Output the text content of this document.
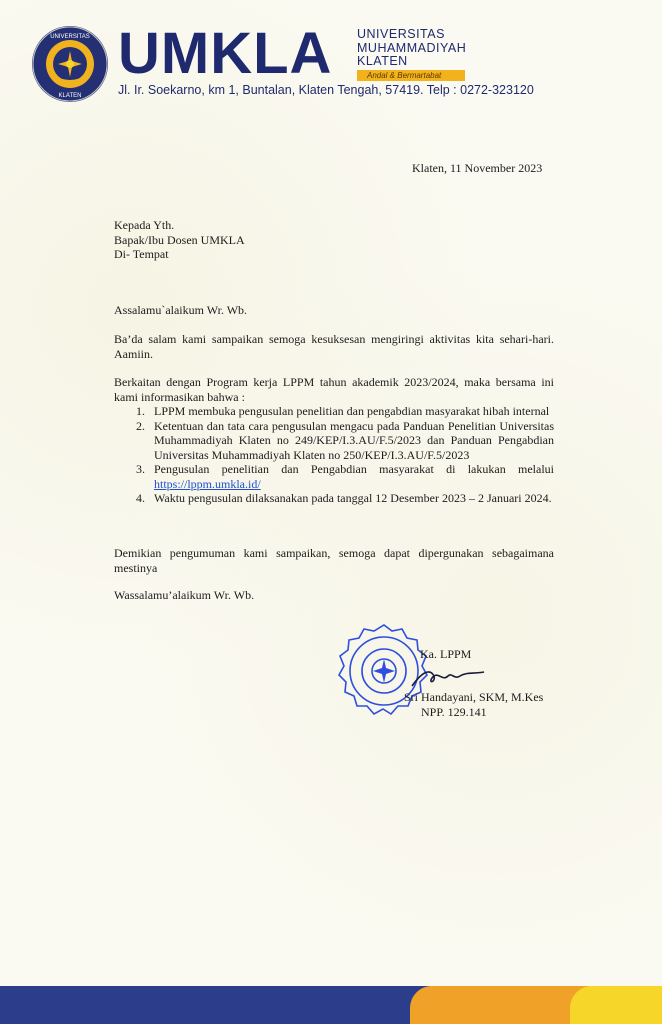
UNIVERSITAS
KLATEN
UMKLA UNIVERSITAS
MUHAMMADIYAH
KLATEN
Andal & Bermartabat
Jl. Ir. Soekarno, km 1, Buntalan, Klaten Tengah, 57419. Telp : 0272-323120
Klaten, 11 November 2023
Kepada Yth.
Bapak/Ibu Dosen UMKLA
Di- Tempat
Assalamu`alaikum Wr. Wb.
Ba’da salam kami sampaikan semoga kesuksesan mengiringi aktivitas kita sehari-hari. Aamiin.
Berkaitan dengan Program kerja LPPM tahun akademik 2023/2024, maka bersama ini kami informasikan bahwa :
1. LPPM membuka pengusulan penelitian dan pengabdian masyarakat hibah internal
2. Ketentuan dan tata cara pengusulan mengacu pada Panduan Penelitian Universitas Muhammadiyah Klaten no 249/KEP/I.3.AU/F.5/2023 dan Panduan Pengabdian Universitas Muhammadiyah Klaten no 250/KEP/I.3.AU/F.5/2023
3. Pengusulan penelitian dan Pengabdian masyarakat di lakukan melalui https://lppm.umkla.id/
4. Waktu pengusulan dilaksanakan pada tanggal 12 Desember 2023 – 2 Januari 2024.
Demikian pengumuman kami sampaikan, semoga dapat dipergunakan sebagaimana mestinya
Wassalamu’alaikum Wr. Wb.
Ka. LPPM
Sri Handayani, SKM, M.Kes
NPP. 129.141
